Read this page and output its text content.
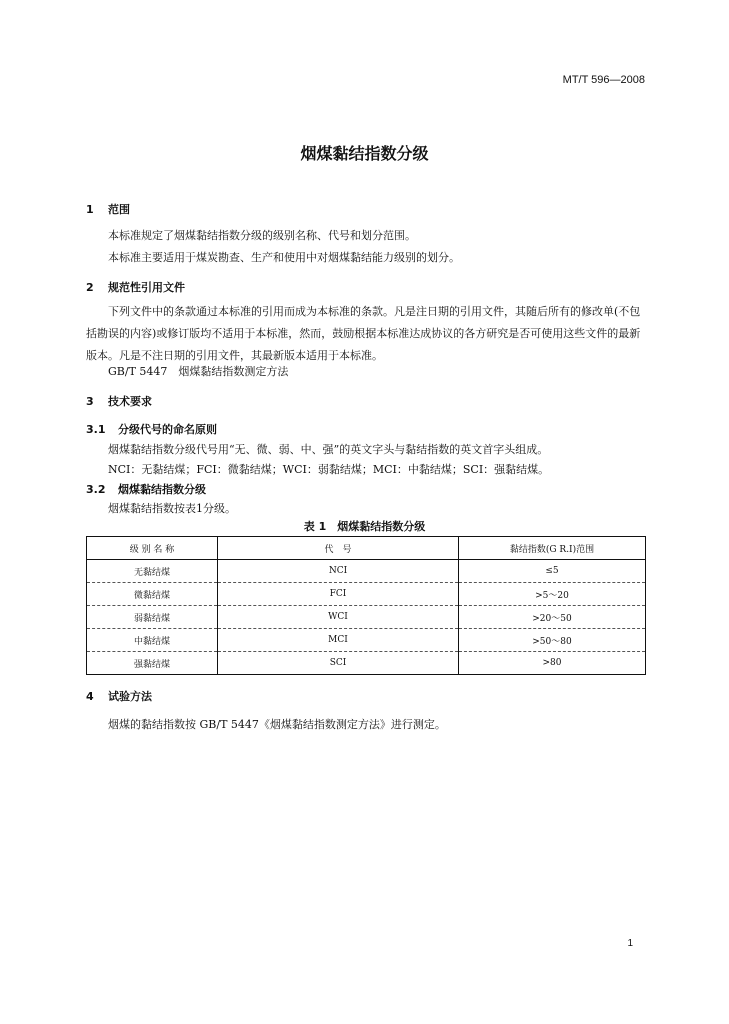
MT/T 596—2008
烟煤黏结指数分级
1 范围
本标准规定了烟煤黏结指数分级的级别名称、代号和划分范围。
本标准主要适用于煤炭勘查、生产和使用中对烟煤黏结能力级别的划分。
2 规范性引用文件
下列文件中的条款通过本标准的引用而成为本标准的条款。凡是注日期的引用文件，其随后所有的修改单(不包括勘误的内容)或修订版均不适用于本标准，然而，鼓励根据本标准达成协议的各方研究是否可使用这些文件的最新版本。凡是不注日期的引用文件，其最新版本适用于本标准。
GB/T 5447　烟煤黏结指数测定方法
3 技术要求
3.1 分级代号的命名原则
烟煤黏结指数分级代号用“无、微、弱、中、强”的英文字头与黏结指数的英文首字头组成。
NCI：无黏结煤；FCI：微黏结煤；WCI：弱黏结煤；MCI：中黏结煤；SCI：强黏结煤。
3.2 烟煤黏结指数分级
烟煤黏结指数按表1分级。
表 1　烟煤黏结指数分级
级 别 名 称	代　号	黏结指数(G R.I)范围
无黏结煤	NCI	≤5
微黏结煤	FCI	>5～20
弱黏结煤	WCI	>20～50
中黏结煤	MCI	>50～80
强黏结煤	SCI	>80
4 试验方法
烟煤的黏结指数按 GB/T 5447《烟煤黏结指数测定方法》进行测定。
1
